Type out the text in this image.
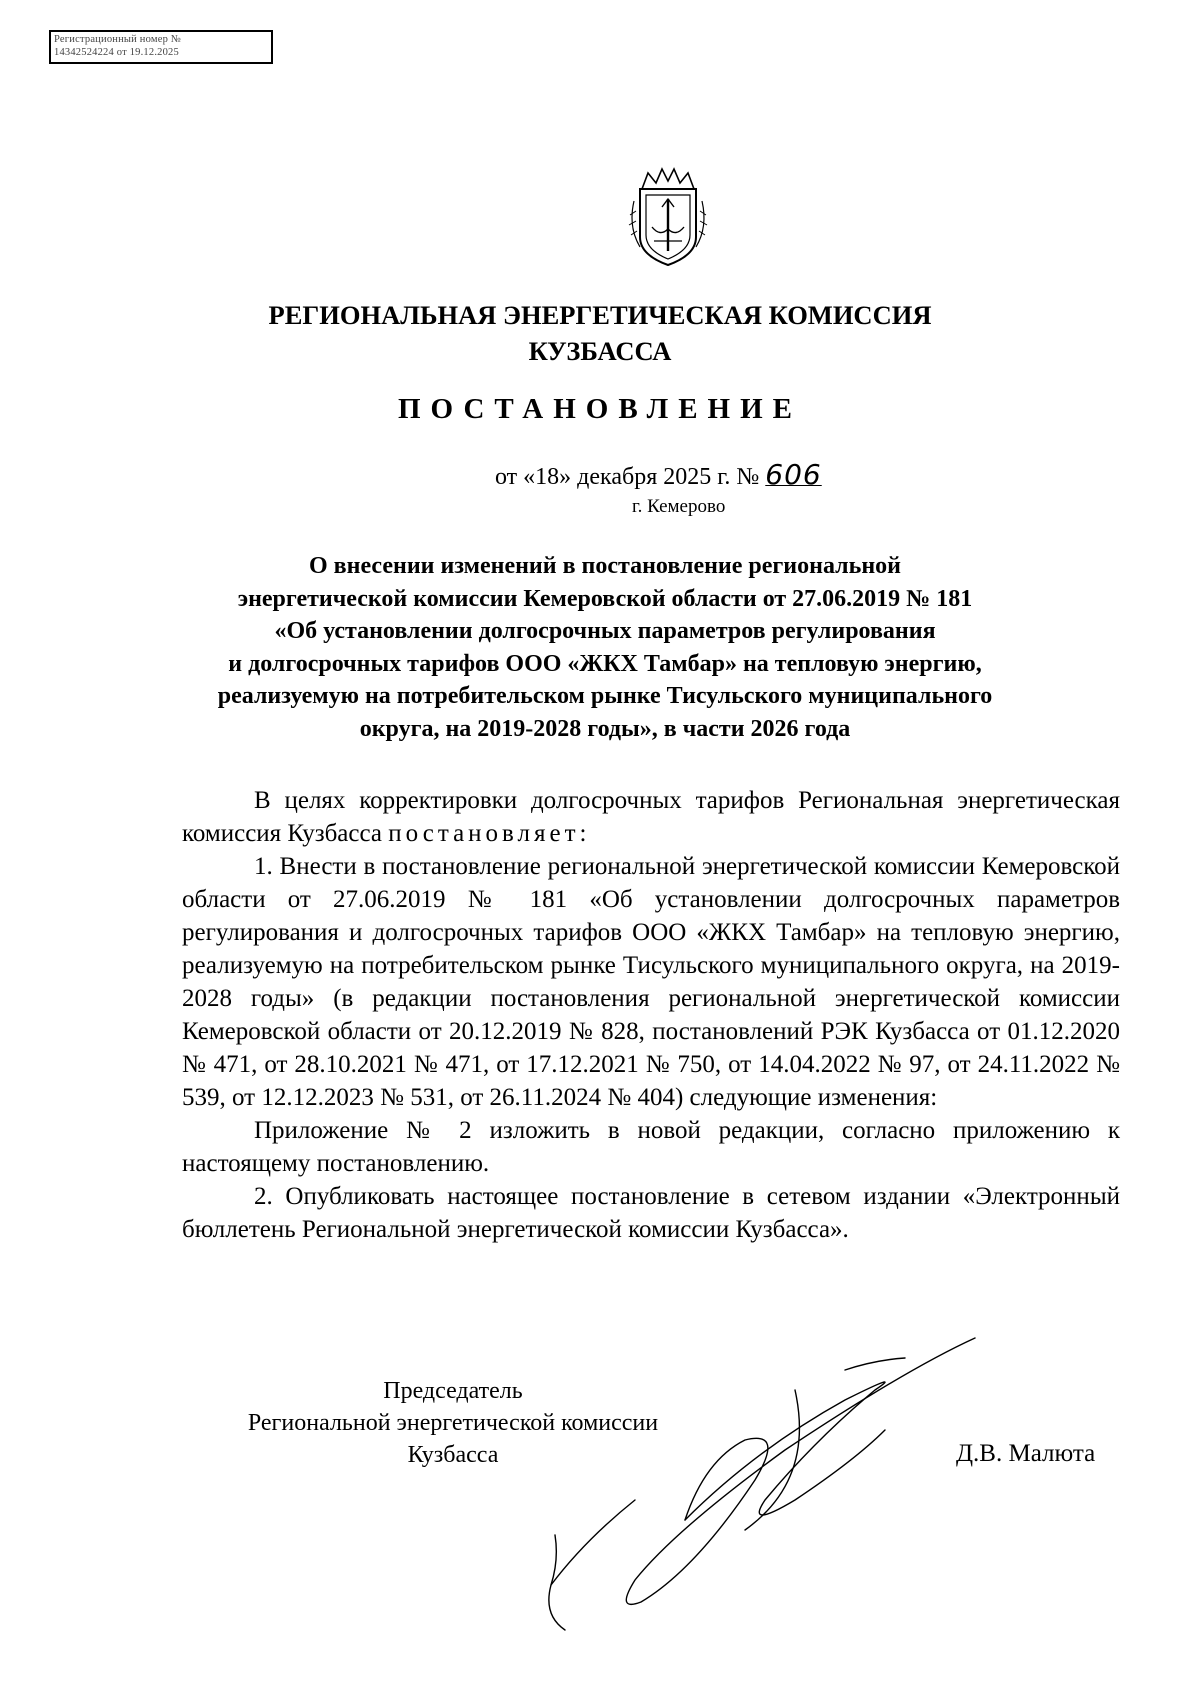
Регистрационный номер №
14342524224 от 19.12.2025
РЕГИОНАЛЬНАЯ ЭНЕРГЕТИЧЕСКАЯ КОМИССИЯ
КУЗБАССА
ПОСТАНОВЛЕНИЕ
от «18» декабря 2025 г. № 606
г. Кемерово
О внесении изменений в постановление региональной
энергетической комиссии Кемеровской области от 27.06.2019 № 181
«Об установлении долгосрочных параметров регулирования
и долгосрочных тарифов ООО «ЖКХ Тамбар» на тепловую энергию,
реализуемую на потребительском рынке Тисульского муниципального
округа, на 2019-2028 годы», в части 2026 года

В целях корректировки долгосрочных тарифов Региональная энергетическая комиссия Кузбасса постановляет:

1. Внести в постановление региональной энергетической комиссии Кемеровской области от 27.06.2019 № 181 «Об установлении долгосрочных параметров регулирования и долгосрочных тарифов ООО «ЖКХ Тамбар» на тепловую энергию, реализуемую на потребительском рынке Тисульского муниципального округа, на 2019-2028 годы» (в редакции постановления региональной энергетической комиссии Кемеровской области от 20.12.2019 № 828, постановлений РЭК Кузбасса от 01.12.2020 № 471, от 28.10.2021 № 471, от 17.12.2021 № 750, от 14.04.2022 № 97, от 24.11.2022 № 539, от 12.12.2023 № 531, от 26.11.2024 № 404) следующие изменения:

Приложение № 2 изложить в новой редакции, согласно приложению к настоящему постановлению.

2. Опубликовать настоящее постановление в сетевом издании «Электронный бюллетень Региональной энергетической комиссии Кузбасса».

Председатель
Региональной энергетической комиссии
Кузбасса	Д.В. Малюта
